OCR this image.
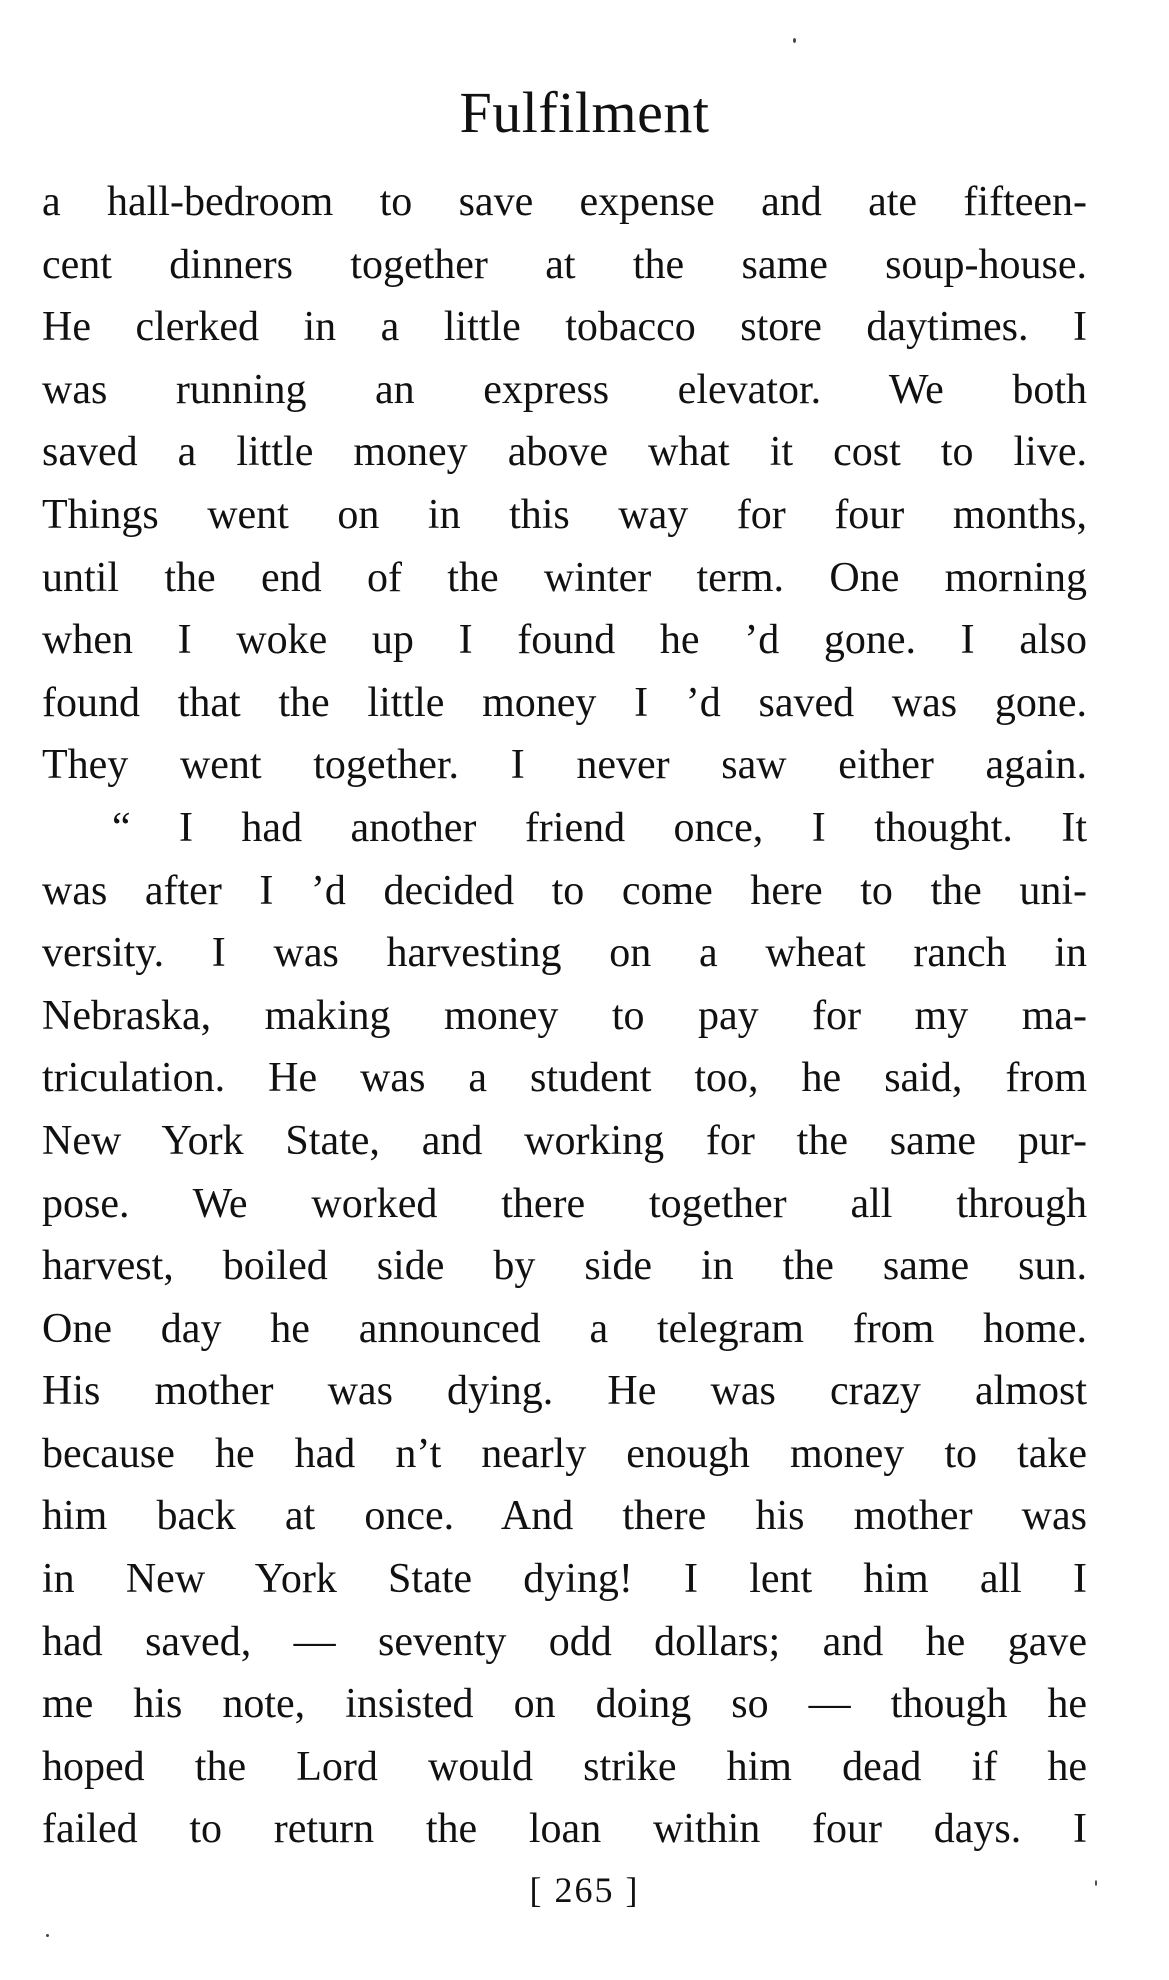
Fulfilment
a hall-bedroom to save expense and ate fifteen-
cent dinners together at the same soup-house.
He clerked in a little tobacco store daytimes. I
was running an express elevator. We both
saved a little money above what it cost to live.
Things went on in this way for four months,
until the end of the winter term. One morning
when I woke up I found he ’d gone. I also
found that the little money I ’d saved was gone.
They went together. I never saw either again.
“ I had another friend once, I thought. It
was after I ’d decided to come here to the uni-
versity. I was harvesting on a wheat ranch in
Nebraska, making money to pay for my ma-
triculation. He was a student too, he said, from
New York State, and working for the same pur-
pose. We worked there together all through
harvest, boiled side by side in the same sun.
One day he announced a telegram from home.
His mother was dying. He was crazy almost
because he had n’t nearly enough money to take
him back at once. And there his mother was
in New York State dying! I lent him all I
had saved, — seventy odd dollars; and he gave
me his note, insisted on doing so — though he
hoped the Lord would strike him dead if he
failed to return the loan within four days. I
[ 265 ]
